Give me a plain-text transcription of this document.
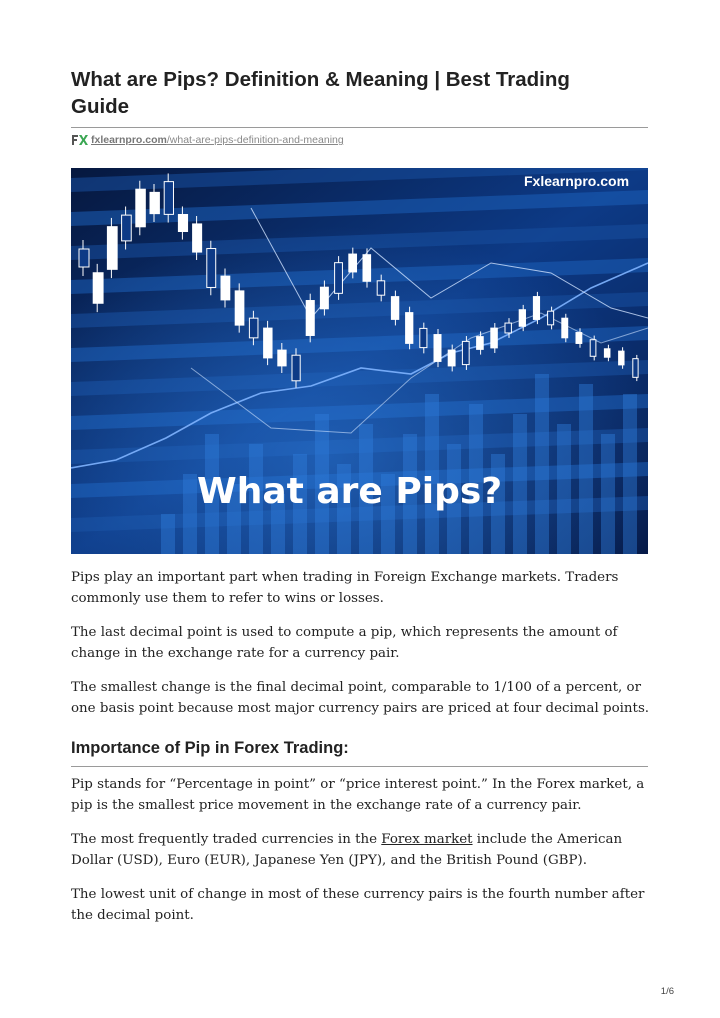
What are Pips? Definition & Meaning | Best Trading Guide
fxlearnpro.com/what-are-pips-definition-and-meaning
Fxlearnpro.com
What are Pips?

Pips play an important part when trading in Foreign Exchange markets. Traders commonly use them to refer to wins or losses.

The last decimal point is used to compute a pip, which represents the amount of change in the exchange rate for a currency pair.

The smallest change is the final decimal point, comparable to 1/100 of a percent, or one basis point because most major currency pairs are priced at four decimal points.

Importance of Pip in Forex Trading:

Pip stands for “Percentage in point” or “price interest point.” In the Forex market, a pip is the smallest price movement in the exchange rate of a currency pair.

The most frequently traded currencies in the Forex market include the American Dollar (USD), Euro (EUR), Japanese Yen (JPY), and the British Pound (GBP).

The lowest unit of change in most of these currency pairs is the fourth number after the decimal point.

1/6
